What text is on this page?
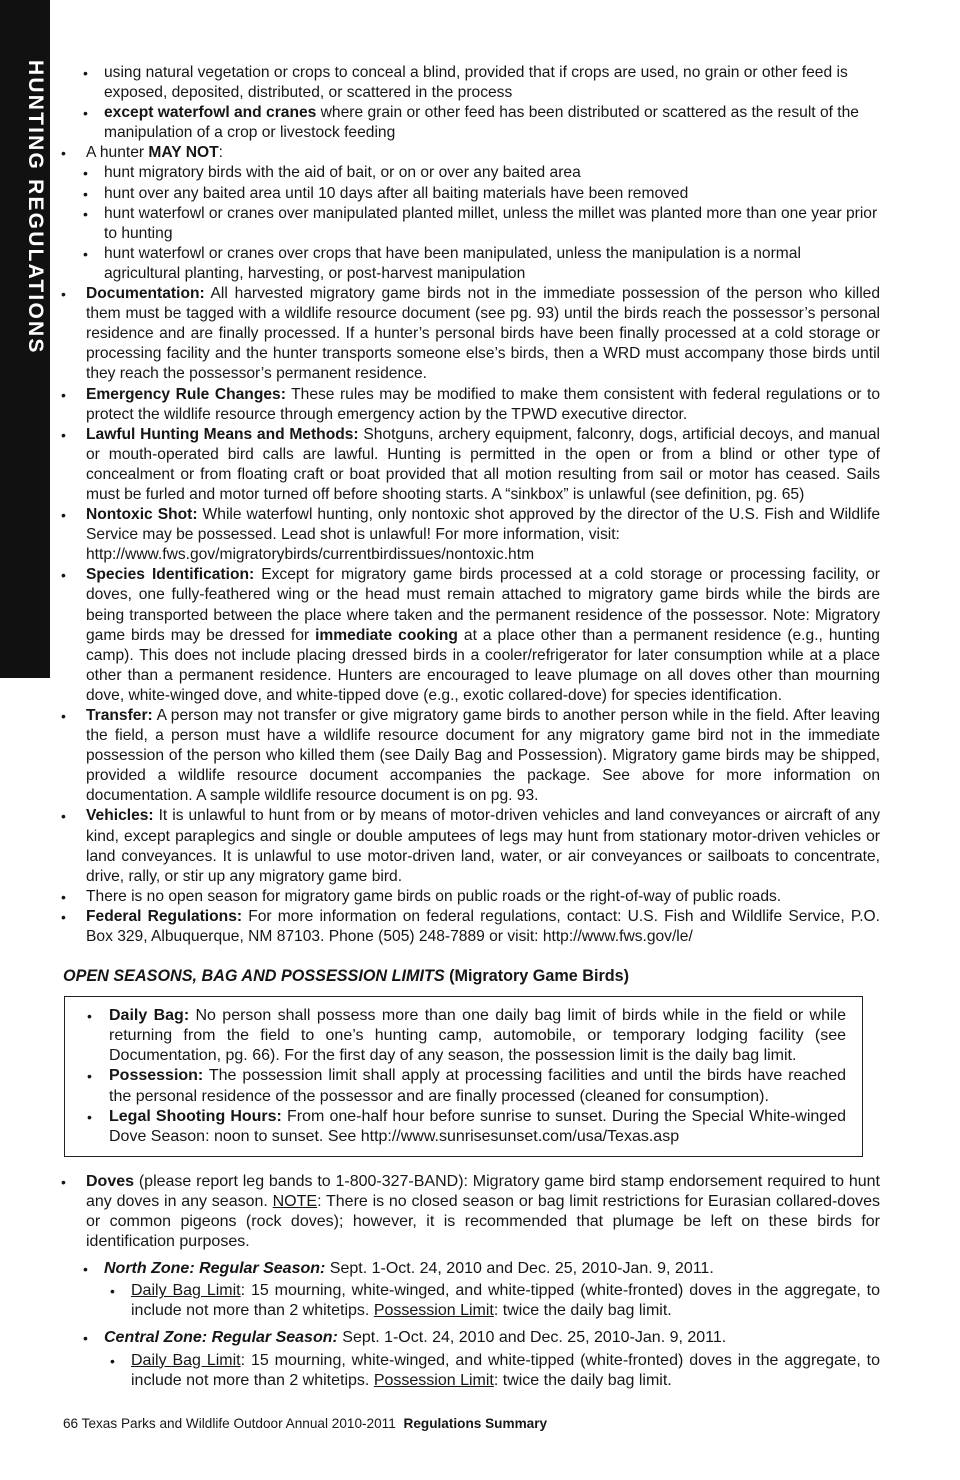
HUNTING REGULATIONS
•	using natural vegetation or crops to conceal a blind, provided that if crops are used, no grain or other feed is exposed, deposited, distributed, or scattered in the process
• except waterfowl and cranes where grain or other feed has been distributed or scattered as the result of the manipulation of a crop or livestock feeding
• A hunter MAY NOT:
• hunt migratory birds with the aid of bait, or on or over any baited area
• hunt over any baited area until 10 days after all baiting materials have been removed
• hunt waterfowl or cranes over manipulated planted millet, unless the millet was planted more than one year prior to hunting
• hunt waterfowl or cranes over crops that have been manipulated, unless the manipulation is a normal agricultural planting, harvesting, or post-harvest manipulation
• Documentation: All harvested migratory game birds not in the immediate possession of the person who killed them must be tagged with a wildlife resource document (see pg. 93) until the birds reach the possessor’s personal residence and are finally processed. If a hunter’s personal birds have been finally processed at a cold storage or processing facility and the hunter transports someone else’s birds, then a WRD must accompany those birds until they reach the possessor’s permanent residence.
• Emergency Rule Changes: These rules may be modified to make them consistent with federal regulations or to protect the wildlife resource through emergency action by the TPWD executive director.
• Lawful Hunting Means and Methods: Shotguns, archery equipment, falconry, dogs, artificial decoys, and manual or mouth-operated bird calls are lawful. Hunting is permitted in the open or from a blind or other type of concealment or from floating craft or boat provided that all motion resulting from sail or motor has ceased. Sails must be furled and motor turned off before shooting starts. A “sinkbox” is unlawful (see definition, pg. 65)
• Nontoxic Shot: While waterfowl hunting, only nontoxic shot approved by the director of the U.S. Fish and Wildlife Service may be possessed. Lead shot is unlawful! For more information, visit:
http://www.fws.gov/migratorybirds/currentbirdissues/nontoxic.htm
• Species Identification: Except for migratory game birds processed at a cold storage or processing facility, or doves, one fully-feathered wing or the head must remain attached to migratory game birds while the birds are being transported between the place where taken and the permanent residence of the possessor. Note: Migratory game birds may be dressed for immediate cooking at a place other than a permanent residence (e.g., hunting camp). This does not include placing dressed birds in a cooler/refrigerator for later consumption while at a place other than a permanent residence. Hunters are encouraged to leave plumage on all doves other than mourning dove, white-winged dove, and white-tipped dove (e.g., exotic collared-dove) for species identification.
• Transfer: A person may not transfer or give migratory game birds to another person while in the field. After leaving the field, a person must have a wildlife resource document for any migratory game bird not in the immediate possession of the person who killed them (see Daily Bag and Possession). Migratory game birds may be shipped, provided a wildlife resource document accompanies the package. See above for more information on documentation. A sample wildlife resource document is on pg. 93.
• Vehicles: It is unlawful to hunt from or by means of motor-driven vehicles and land conveyances or aircraft of any kind, except paraplegics and single or double amputees of legs may hunt from stationary motor-driven vehicles or land conveyances. It is unlawful to use motor-driven land, water, or air conveyances or sailboats to concentrate, drive, rally, or stir up any migratory game bird.
• There is no open season for migratory game birds on public roads or the right-of-way of public roads.
• Federal Regulations: For more information on federal regulations, contact: U.S. Fish and Wildlife Service, P.O. Box 329, Albuquerque, NM 87103. Phone (505) 248-7889 or visit: http://www.fws.gov/le/
OPEN SEASONS, BAG AND POSSESSION LIMITS (Migratory Game Birds)
• Daily Bag: No person shall possess more than one daily bag limit of birds while in the field or while returning from the field to one’s hunting camp, automobile, or temporary lodging facility (see Documentation, pg. 66). For the first day of any season, the possession limit is the daily bag limit.
• Possession: The possession limit shall apply at processing facilities and until the birds have reached the personal residence of the possessor and are finally processed (cleaned for consumption).
• Legal Shooting Hours: From one-half hour before sunrise to sunset. During the Special White-winged Dove Season: noon to sunset. See http://www.sunrisesunset.com/usa/Texas.asp
• Doves (please report leg bands to 1-800-327-BAND): Migratory game bird stamp endorsement required to hunt any doves in any season. NOTE: There is no closed season or bag limit restrictions for Eurasian collared-doves or common pigeons (rock doves); however, it is recommended that plumage be left on these birds for identification purposes.
• North Zone: Regular Season: Sept. 1-Oct. 24, 2010 and Dec. 25, 2010-Jan. 9, 2011.
• Daily Bag Limit: 15 mourning, white-winged, and white-tipped (white-fronted) doves in the aggregate, to include not more than 2 whitetips. Possession Limit: twice the daily bag limit.
• Central Zone: Regular Season: Sept. 1-Oct. 24, 2010 and Dec. 25, 2010-Jan. 9, 2011.
• Daily Bag Limit: 15 mourning, white-winged, and white-tipped (white-fronted) doves in the aggregate, to include not more than 2 whitetips. Possession Limit: twice the daily bag limit.
66 Texas Parks and Wildlife Outdoor Annual 2010-2011 Regulations Summary
